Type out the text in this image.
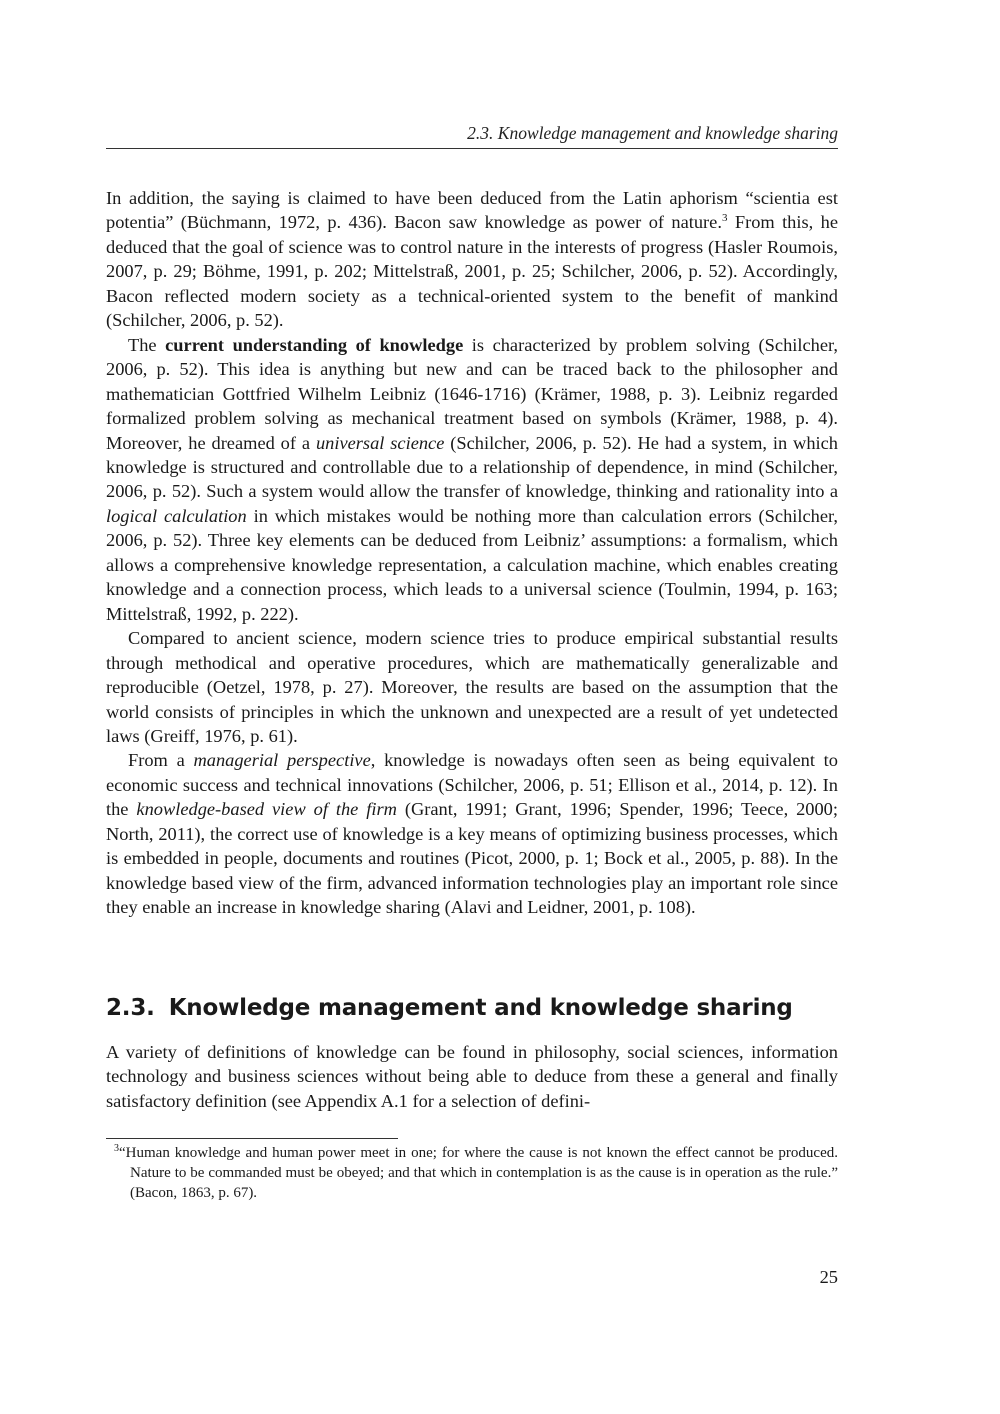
2.3. Knowledge management and knowledge sharing

In addition, the saying is claimed to have been deduced from the Latin aphorism “scientia est potentia” (Büchmann, 1972, p. 436). Bacon saw knowledge as power of nature.$^3$ From this, he deduced that the goal of science was to control nature in the interests of progress (Hasler Roumois, 2007, p. 29; Böhme, 1991, p. 202; Mittelstraß, 2001, p. 25; Schilcher, 2006, p. 52). Accordingly, Bacon reflected modern society as a technical-oriented system to the benefit of mankind (Schilcher, 2006, p. 52).

The current understanding of knowledge is characterized by problem solving (Schilcher, 2006, p. 52). This idea is anything but new and can be traced back to the philosopher and mathematician Gottfried Wilhelm Leibniz (1646-1716) (Krämer, 1988, p. 3). Leibniz regarded formalized problem solving as mechanical treatment based on symbols (Krämer, 1988, p. 4). Moreover, he dreamed of a universal science (Schilcher, 2006, p. 52). He had a system, in which knowledge is structured and controllable due to a relationship of dependence, in mind (Schilcher, 2006, p. 52). Such a system would allow the transfer of knowledge, thinking and rationality into a logical calculation in which mistakes would be nothing more than calculation errors (Schilcher, 2006, p. 52). Three key elements can be deduced from Leibniz’ assumptions: a formalism, which allows a comprehensive knowledge representation, a calculation machine, which enables creating knowledge and a connection process, which leads to a universal science (Toulmin, 1994, p. 163; Mittelstraß, 1992, p. 222).

Compared to ancient science, modern science tries to produce empirical substantial results through methodical and operative procedures, which are mathematically generalizable and reproducible (Oetzel, 1978, p. 27). Moreover, the results are based on the assumption that the world consists of principles in which the unknown and unexpected are a result of yet undetected laws (Greiff, 1976, p. 61).

From a managerial perspective, knowledge is nowadays often seen as being equivalent to economic success and technical innovations (Schilcher, 2006, p. 51; Ellison et al., 2014, p. 12). In the knowledge-based view of the firm (Grant, 1991; Grant, 1996; Spender, 1996; Teece, 2000; North, 2011), the correct use of knowledge is a key means of optimizing business processes, which is embedded in people, documents and routines (Picot, 2000, p. 1; Bock et al., 2005, p. 88). In the knowledge based view of the firm, advanced information technologies play an important role since they enable an increase in knowledge sharing (Alavi and Leidner, 2001, p. 108).

2.3. Knowledge management and knowledge sharing

A variety of definitions of knowledge can be found in philosophy, social sciences, information technology and business sciences without being able to deduce from these a general and finally satisfactory definition (see Appendix A.1 for a selection of defini-

$^3$“Human knowledge and human power meet in one; for where the cause is not known the effect cannot be produced. Nature to be commanded must be obeyed; and that which in contemplation is as the cause is in operation as the rule.” (Bacon, 1863, p. 67).

25
